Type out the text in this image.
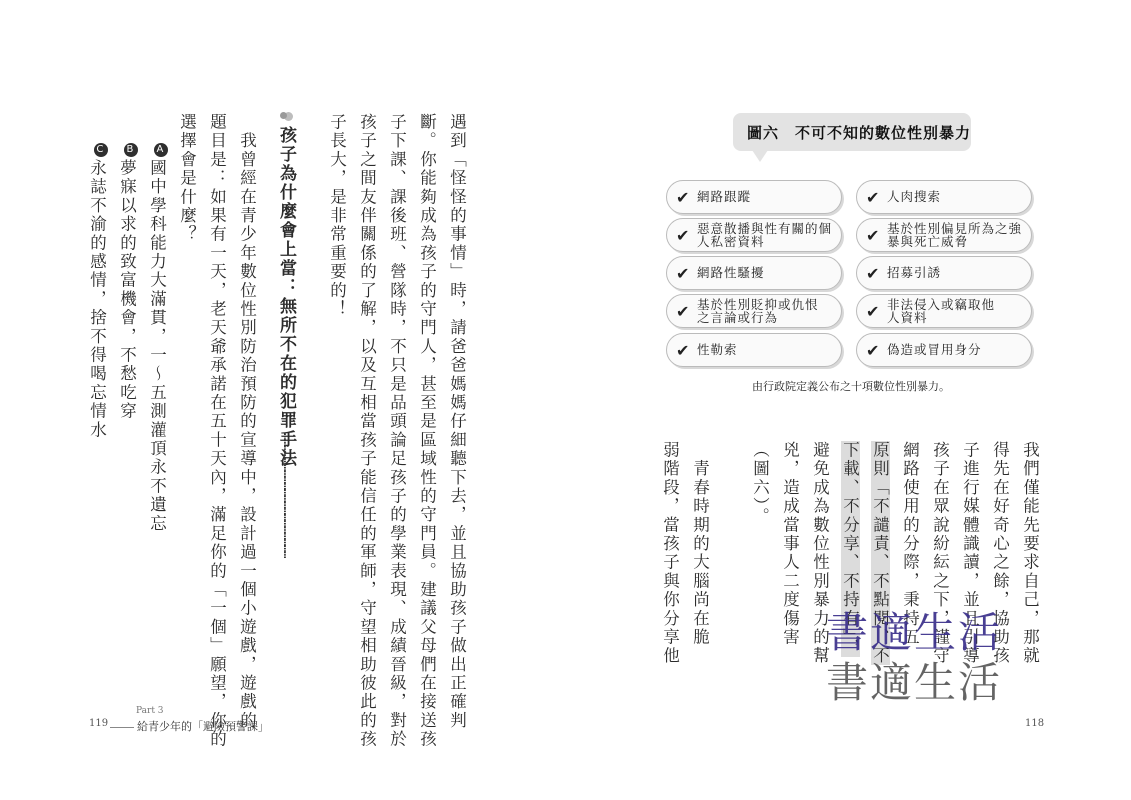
遇到「怪怪的事情」時，請爸爸媽媽仔細聽下去，並且協助孩子做出正確判
斷。你能夠成為孩子的守門人，甚至是區域性的守門員。建議父母們在接送孩
子下課、課後班、營隊時，不只是品頭論足孩子的學業表現、成績晉級，對於
孩子之間友伴關係的了解，以及互相當孩子能信任的軍師，守望相助彼此的孩
子長大，是非常重要的！
孩子為什麼會上當：無所不在的犯罪手法
……………………………………………………
　我曾經在青少年數位性別防治預防的宣導中，設計過一個小遊戲，遊戲的
題目是：如果有一天，老天爺承諾在五十天內，滿足你的「一個」願望，你的
選擇會是什麼？
A國中學科能力大滿貫，一～五測灌頂永不遺忘
B夢寐以求的致富機會，不愁吃穿
C永誌不渝的感情，捨不得喝忘情水
Part 3
119	給青少年的「避險預警課」
圖六　不可不知的數位性別暴力
✔ 網路跟蹤	✔ 人肉搜索
✔ 惡意散播與性有關的個人私密資料	✔ 基於性別偏見所為之強暴與死亡威脅
✔ 網路性騷擾	✔ 招募引誘
✔ 基於性別貶抑或仇恨之言論或行為	✔ 非法侵入或竊取他人資料
✔ 性勒索	✔ 偽造或冒用身分
由行政院定義公布之十項數位性別暴力。
我們僅能先要求自己，那就
得先在好奇心之餘，協助孩
子進行媒體識讀，並且引導
孩子在眾說紛紜之下，謹守
網路使用的分際，秉持五
原則「不譴責、不點閱、不
下載、不分享、不持有」，
避免成為數位性別暴力的幫
兇，造成當事人二度傷害
（圖六）。
　青春時期的大腦尚在脆
弱階段，當孩子與你分享他	書適生活
書適生活
118
